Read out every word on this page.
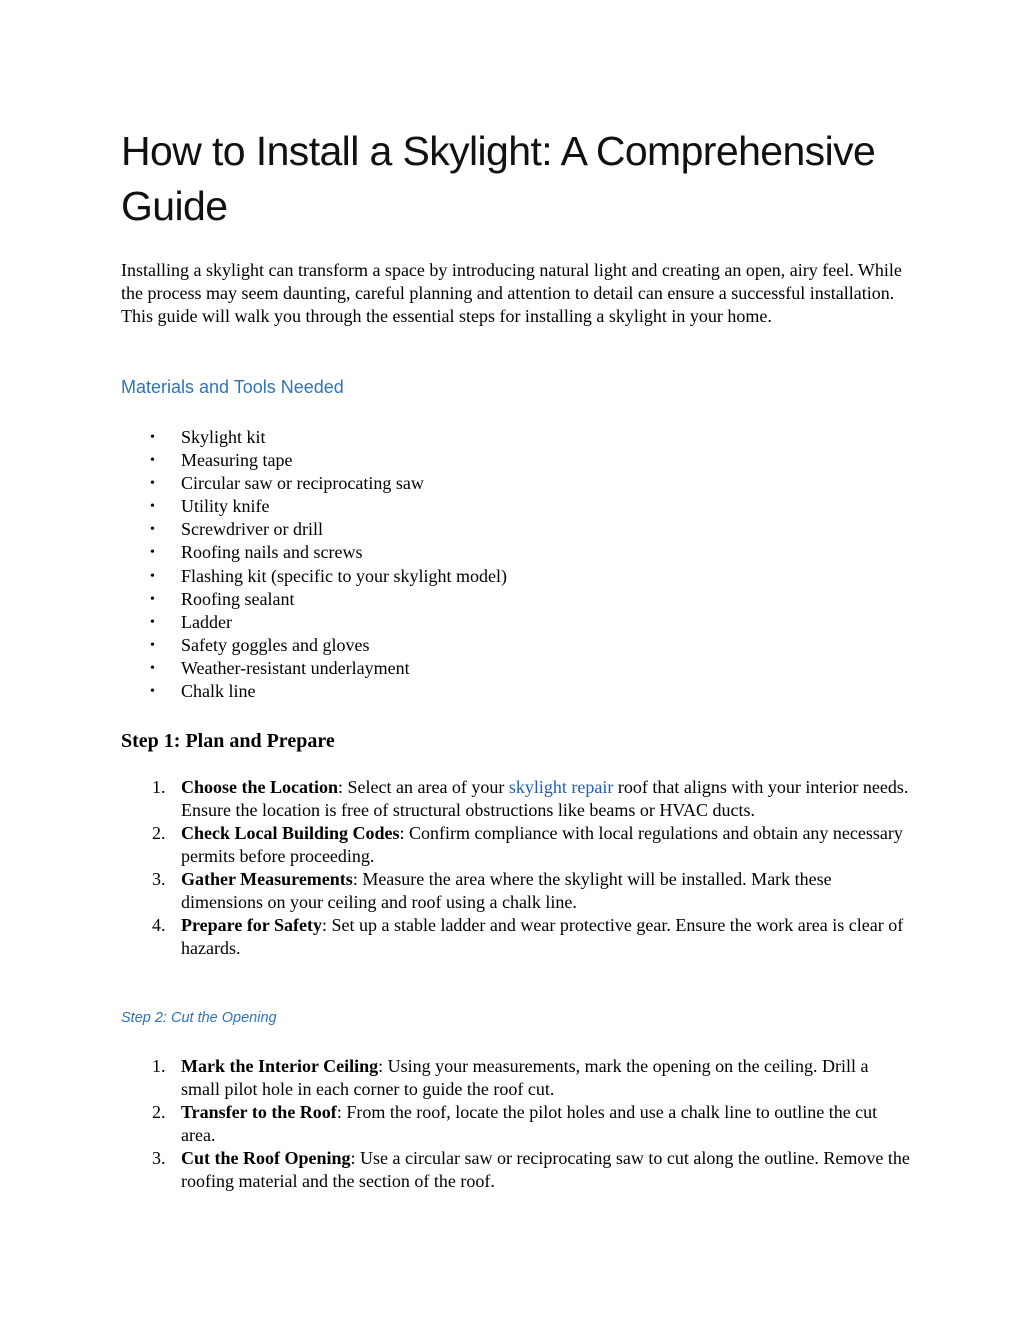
How to Install a Skylight: A Comprehensive Guide

Installing a skylight can transform a space by introducing natural light and creating an open, airy feel. While the process may seem daunting, careful planning and attention to detail can ensure a successful installation. This guide will walk you through the essential steps for installing a skylight in your home.

Materials and Tools Needed
• Skylight kit
• Measuring tape
• Circular saw or reciprocating saw
• Utility knife
• Screwdriver or drill
• Roofing nails and screws
• Flashing kit (specific to your skylight model)
• Roofing sealant
• Ladder
• Safety goggles and gloves
• Weather-resistant underlayment
• Chalk line
Step 1: Plan and Prepare
1. Choose the Location: Select an area of your skylight repair roof that aligns with your interior needs. Ensure the location is free of structural obstructions like beams or HVAC ducts.
2. Check Local Building Codes: Confirm compliance with local regulations and obtain any necessary permits before proceeding.
3. Gather Measurements: Measure the area where the skylight will be installed. Mark these dimensions on your ceiling and roof using a chalk line.
4. Prepare for Safety: Set up a stable ladder and wear protective gear. Ensure the work area is clear of hazards.
Step 2: Cut the Opening
1. Mark the Interior Ceiling: Using your measurements, mark the opening on the ceiling. Drill a small pilot hole in each corner to guide the roof cut.
2. Transfer to the Roof: From the roof, locate the pilot holes and use a chalk line to outline the cut area.
3. Cut the Roof Opening: Use a circular saw or reciprocating saw to cut along the outline. Remove the roofing material and the section of the roof.
